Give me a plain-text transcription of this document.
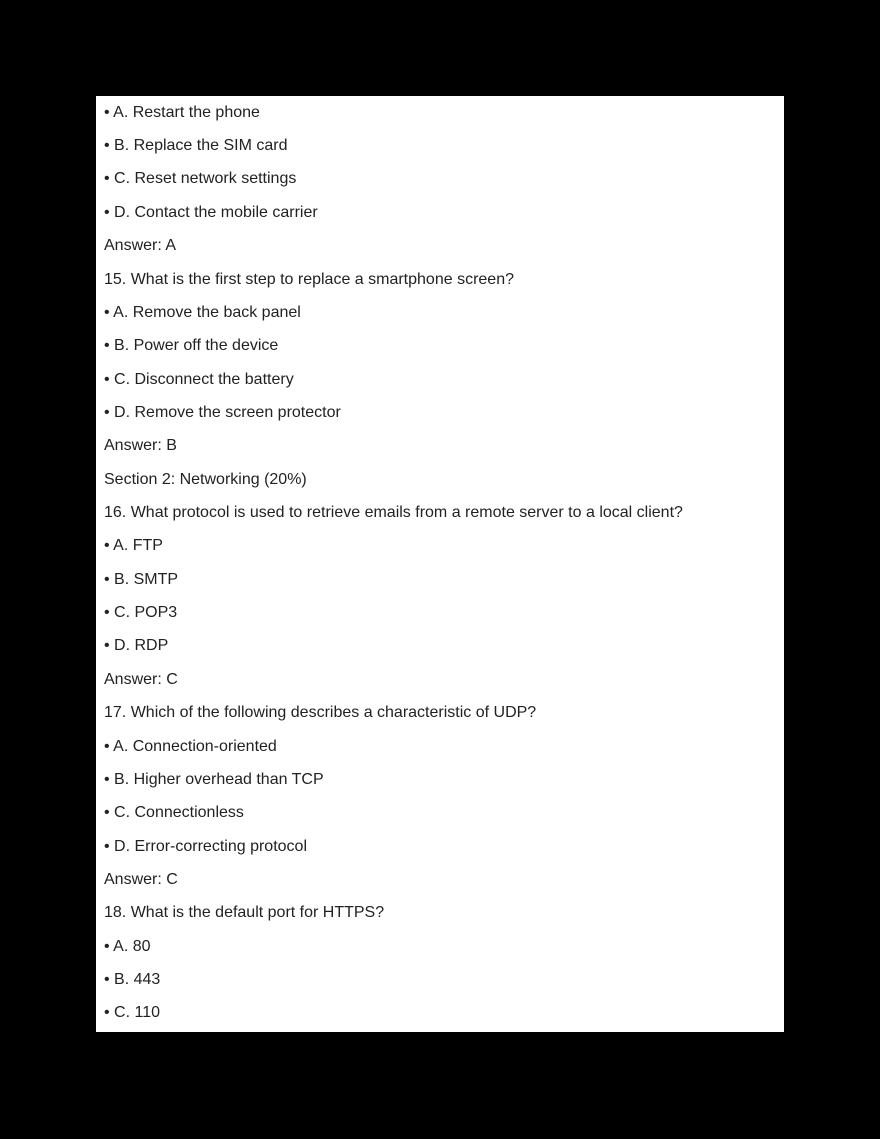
• A. Restart the phone
• B. Replace the SIM card
• C. Reset network settings
• D. Contact the mobile carrier
Answer: A
15. What is the first step to replace a smartphone screen?
• A. Remove the back panel
• B. Power off the device
• C. Disconnect the battery
• D. Remove the screen protector
Answer: B
Section 2: Networking (20%)
16. What protocol is used to retrieve emails from a remote server to a local client?
• A. FTP
• B. SMTP
• C. POP3
• D. RDP
Answer: C
17. Which of the following describes a characteristic of UDP?
• A. Connection-oriented
• B. Higher overhead than TCP
• C. Connectionless
• D. Error-correcting protocol
Answer: C
18. What is the default port for HTTPS?
• A. 80
• B. 443
• C. 110
